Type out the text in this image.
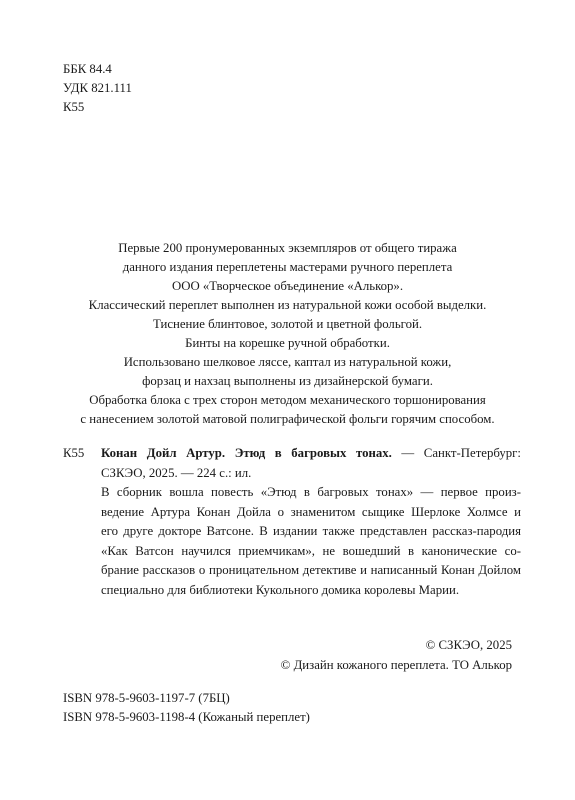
ББК 84.4
УДК 821.111
К55
Первые 200 пронумерованных экземпляров от общего тиража
данного издания переплетены мастерами ручного переплета
ООО «Творческое объединение «Алькор».
Классический переплет выполнен из натуральной кожи особой выделки.
Тиснение блинтовое, золотой и цветной фольгой.
Бинты на корешке ручной обработки.
Использовано шелковое ляссе, каптал из натуральной кожи,
форзац и нахзац выполнены из дизайнерской бумаги.
Обработка блока с трех сторон методом механического торшонирования
с нанесением золотой матовой полиграфической фольги горячим способом.
К55 Конан Дойл Артур. Этюд в багровых тонах. — Санкт-Петербург:
СЗКЭО, 2025. — 224 с.: ил.
В сборник вошла повесть «Этюд в багровых тонах» — первое произ-
ведение Артура Конан Дойла о знаменитом сыщике Шерлоке Холмсе и
его друге докторе Ватсоне. В издании также представлен рассказ-пародия
«Как Ватсон научился приемчикам», не вошедший в канонические со-
брание рассказов о проницательном детективе и написанный Конан Дойлом
специально для библиотеки Кукольного домика королевы Марии.
© СЗКЭО, 2025
© Дизайн кожаного переплета. ТО Алькор
ISBN 978-5-9603-1197-7 (7БЦ)
ISBN 978-5-9603-1198-4 (Кожаный переплет)
